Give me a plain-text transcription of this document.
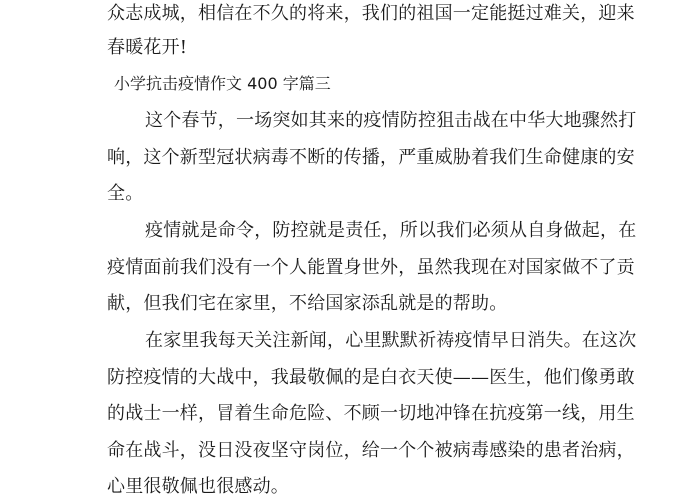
众志成城，相信在不久的将来，我们的祖国一定能挺过难关，迎来
春暖花开!
小学抗击疫情作文 400 字篇三
这个春节，一场突如其来的疫情防控狙击战在中华大地骤然打
响，这个新型冠状病毒不断的传播，严重威胁着我们生命健康的安
全。
疫情就是命令，防控就是责任，所以我们必须从自身做起，在
疫情面前我们没有一个人能置身世外，虽然我现在对国家做不了贡
献，但我们宅在家里，不给国家添乱就是的帮助。
在家里我每天关注新闻，心里默默祈祷疫情早日消失。在这次
防控疫情的大战中，我最敬佩的是白衣天使——医生，他们像勇敢
的战士一样，冒着生命危险、不顾一切地冲锋在抗疫第一线，用生
命在战斗，没日没夜坚守岗位，给一个个被病毒感染的患者治病，
心里很敬佩也很感动。
